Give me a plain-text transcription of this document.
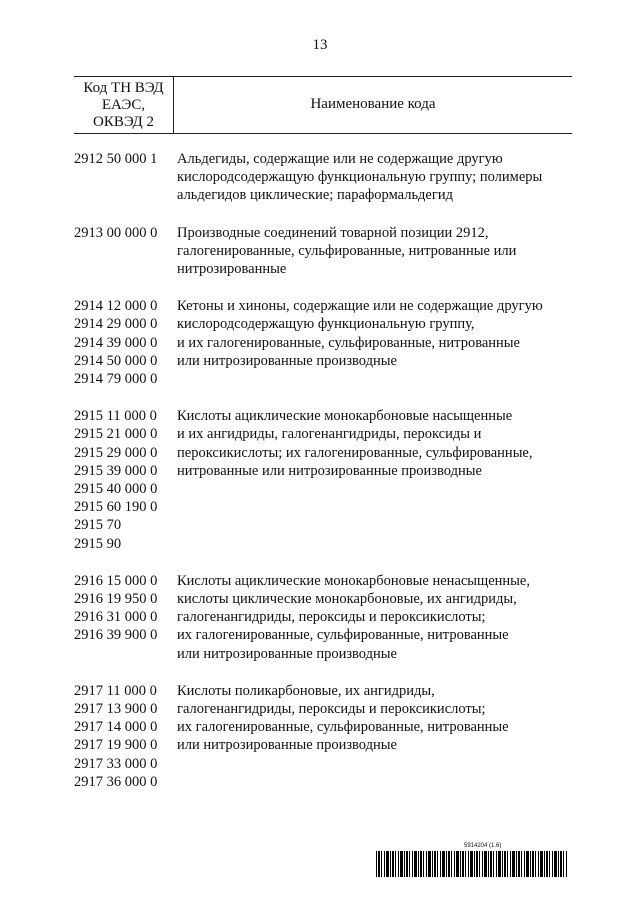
13
Код ТН ВЭД
ЕАЭС,
ОКВЭД 2
Наименование кода
2912 50 000 1	Альдегиды, содержащие или не содержащие другую
кислородсодержащую функциональную группу; полимеры
альдегидов циклические; параформальдегид
2913 00 000 0	Производные соединений товарной позиции 2912,
галогенированные, сульфированные, нитрованные или
нитрозированные
2914 12 000 0
2914 29 000 0
2914 39 000 0
2914 50 000 0
2914 79 000 0
Кетоны и хиноны, содержащие или не содержащие другую
кислородсодержащую функциональную группу,
и их галогенированные, сульфированные, нитрованные
или нитрозированные производные
2915 11 000 0
2915 21 000 0
2915 29 000 0
2915 39 000 0
2915 40 000 0
2915 60 190 0
2915 70
2915 90
Кислоты ациклические монокарбоновые насыщенные
и их ангидриды, галогенангидриды, пероксиды и
пероксикислоты; их галогенированные, сульфированные,
нитрованные или нитрозированные производные
2916 15 000 0
2916 19 950 0
2916 31 000 0
2916 39 900 0
Кислоты ациклические монокарбоновые ненасыщенные,
кислоты циклические монокарбоновые, их ангидриды,
галогенангидриды, пероксиды и пероксикислоты;
их галогенированные, сульфированные, нитрованные
или нитрозированные производные
2917 11 000 0
2917 13 900 0
2917 14 000 0
2917 19 900 0
2917 33 000 0
2917 36 000 0
Кислоты поликарбоновые, их ангидриды,
галогенангидриды, пероксиды и пероксикислоты;
их галогенированные, сульфированные, нитрованные
или нитрозированные производные
5914204 (1.6)
